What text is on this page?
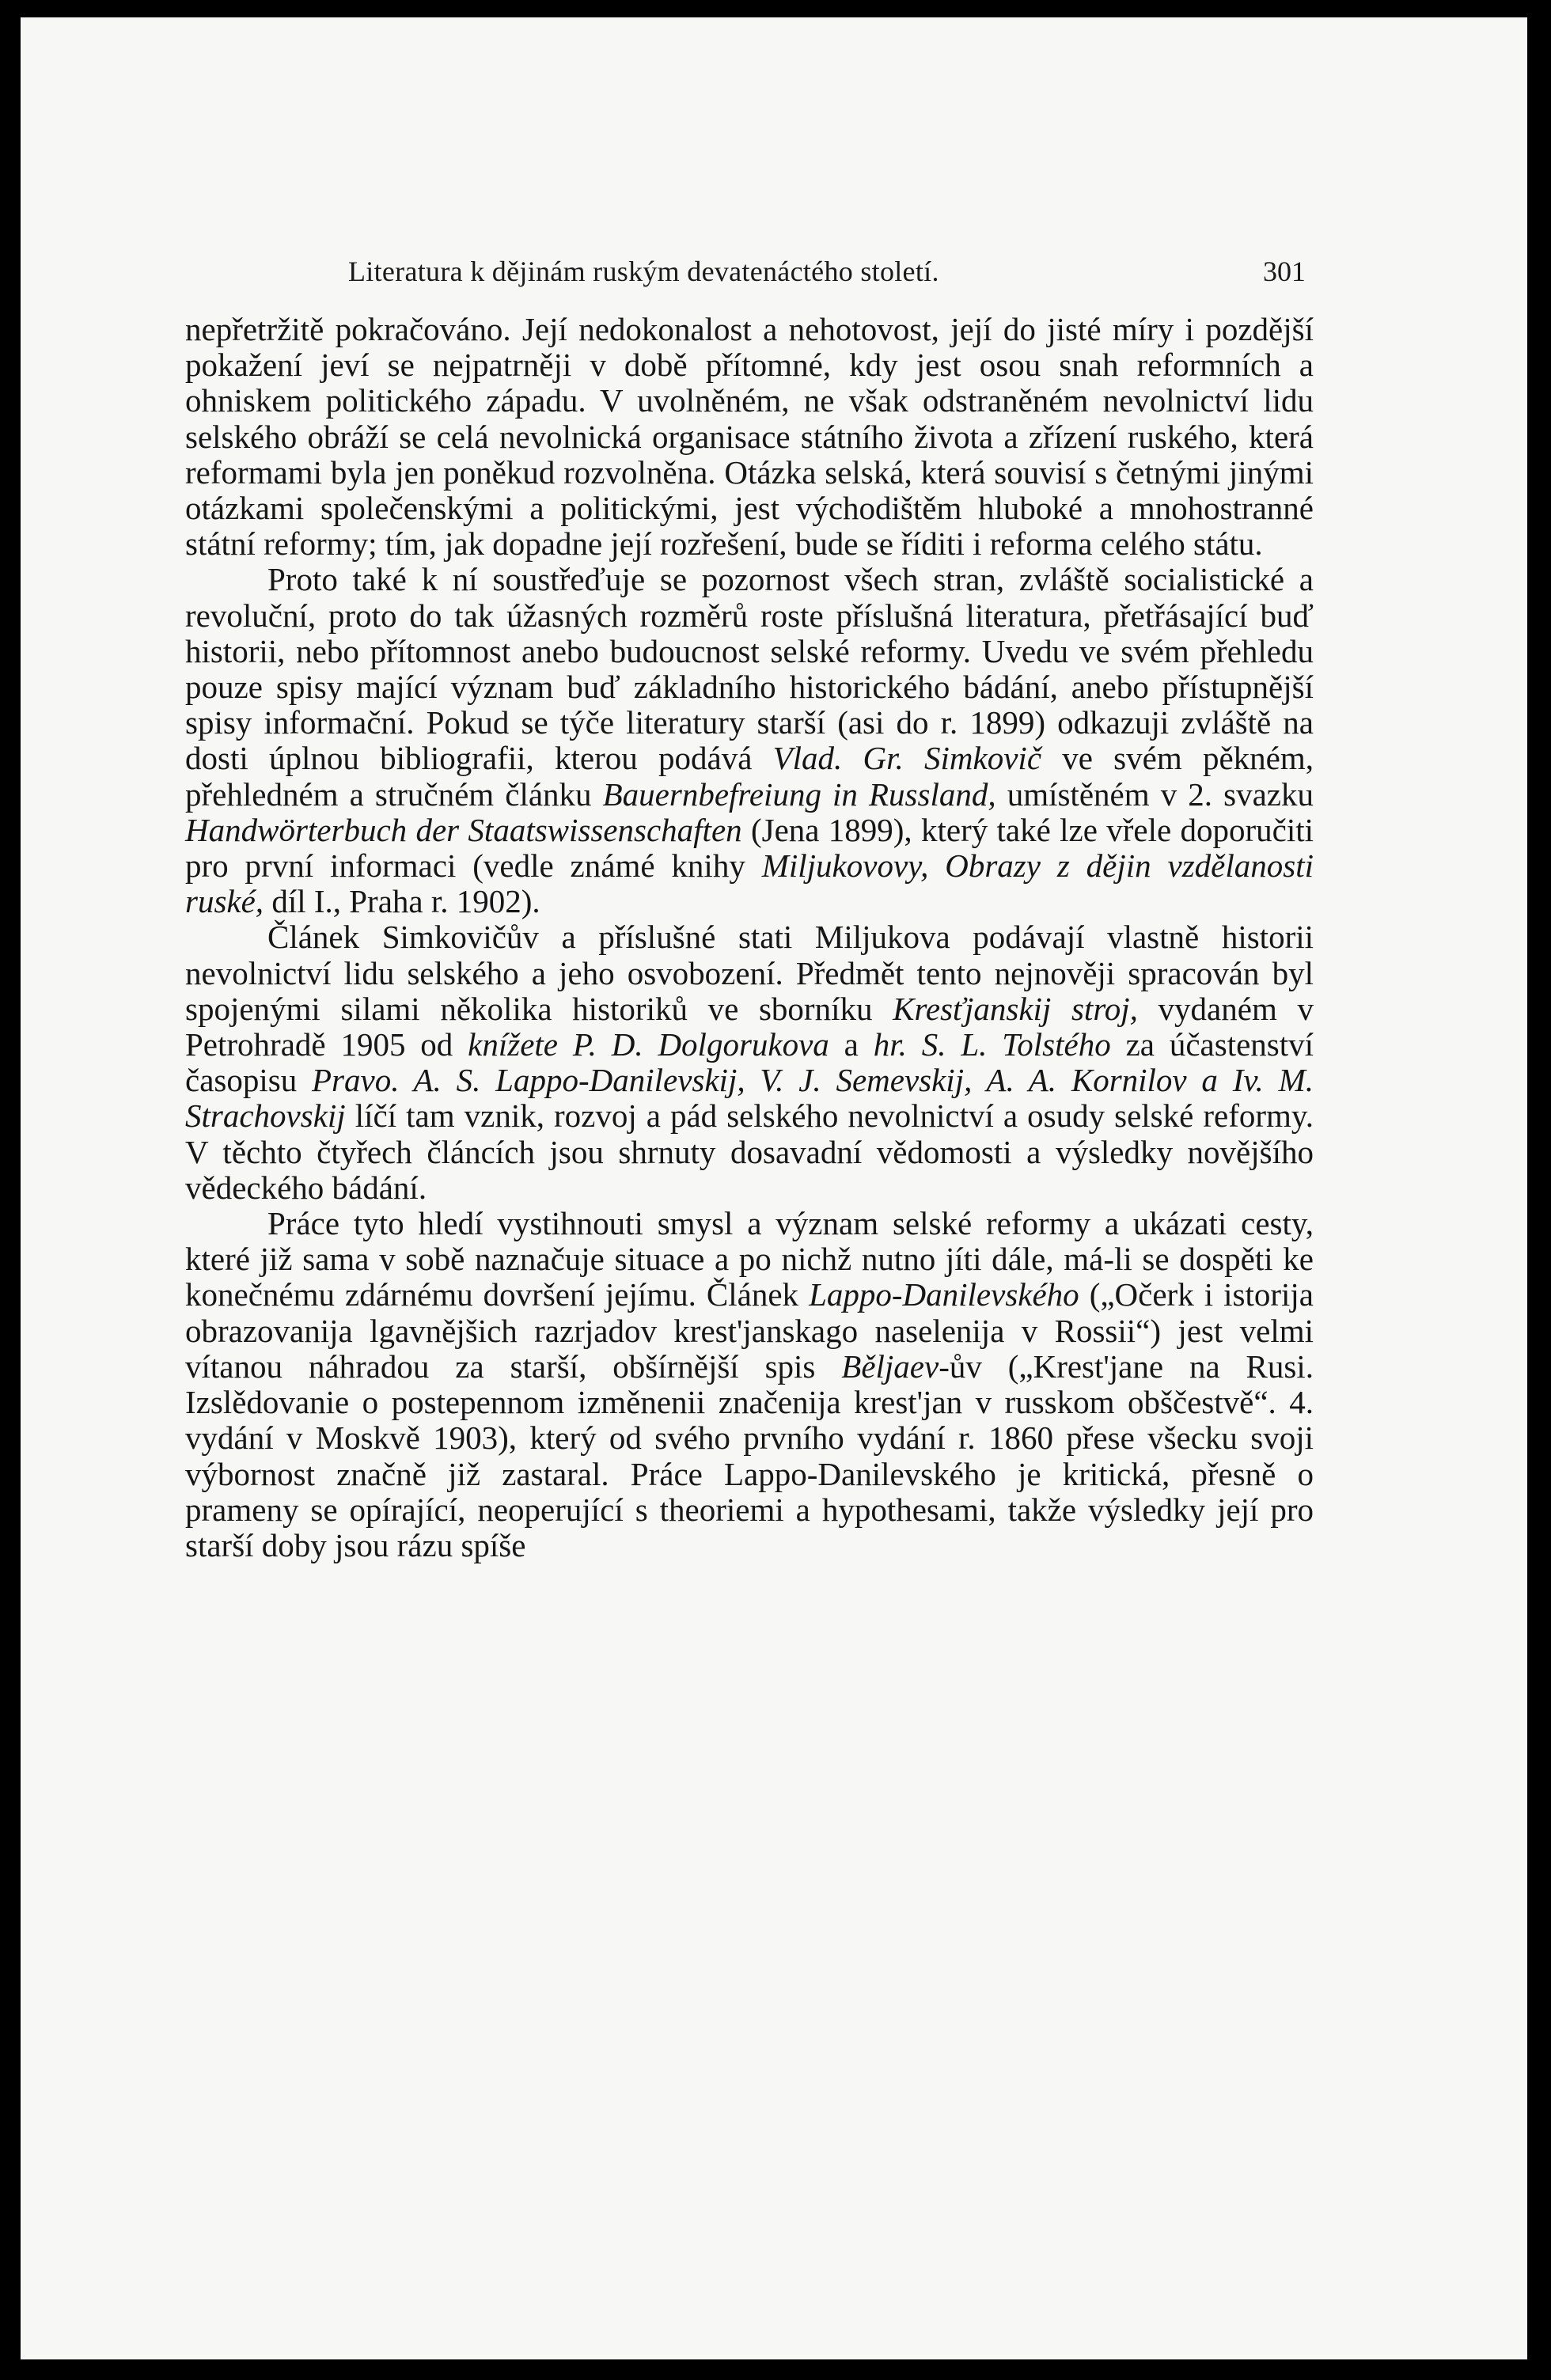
Literatura k dějinám ruským devatenáctého století.	301

nepřetržitě pokračováno. Její nedokonalost a nehotovost, její do jisté míry i pozdější pokažení jeví se nejpatrněji v době přítomné, kdy jest osou snah reformních a ohniskem politického západu. V uvolněném, ne však odstraněném nevolnictví lidu selského obráží se celá nevolnická organisace státního života a zřízení ruského, která reformami byla jen poněkud rozvolněna. Otázka selská, která souvisí s četnými jinými otázkami společenskými a politickými, jest východištěm hluboké a mnohostranné státní reformy; tím, jak dopadne její rozřešení, bude se říditi i reforma celého státu.

Proto také k ní soustřeďuje se pozornost všech stran, zvláště socialistické a revoluční, proto do tak úžasných rozměrů roste příslušná literatura, přetřásající buď historii, nebo přítomnost anebo budoucnost selské reformy. Uvedu ve svém přehledu pouze spisy mající význam buď základního historického bádání, anebo přístupnější spisy informační. Pokud se týče literatury starší (asi do r. 1899) odkazuji zvláště na dosti úplnou bibliografii, kterou podává Vlad. Gr. Simkovič ve svém pěkném, přehledném a stručném článku Bauernbefreiung in Russland, umístěném v 2. svazku Handwörterbuch der Staatswissenschaften (Jena 1899), který také lze vřele doporučiti pro první informaci (vedle známé knihy Miljukovovy, Obrazy z dějin vzdělanosti ruské, díl I., Praha r. 1902).

Článek Simkovičův a příslušné stati Miljukova podávají vlastně historii nevolnictví lidu selského a jeho osvobození. Předmět tento nejnověji spracován byl spojenými silami několika historiků ve sborníku Kresťjanskij stroj, vydaném v Petrohradě 1905 od knížete P. D. Dolgorukova a hr. S. L. Tolstého za účastenství časopisu Pravo. A. S. Lappo-Danilevskij, V. J. Semevskij, A. A. Kornilov a Iv. M. Strachovskij líčí tam vznik, rozvoj a pád selského nevolnictví a osudy selské reformy. V těchto čtyřech článcích jsou shrnuty dosavadní vědomosti a výsledky novějšího vědeckého bádání.

Práce tyto hledí vystihnouti smysl a význam selské reformy a ukázati cesty, které již sama v sobě naznačuje situace a po nichž nutno jíti dále, má-li se dospěti ke konečnému zdárnému dovršení jejímu. Článek Lappo-Danilevského („Očerk i istorija obrazovanija lgavnějšich razrjadov krest'janskago naselenija v Rossii“) jest velmi vítanou náhradou za starší, obšírnější spis Běljaev-ův („Krest'jane na Rusi. Izslědovanie o postepennom izměnenii značenija krest'jan v russkom obščestvě“. 4. vydání v Moskvě 1903), který od svého prvního vydání r. 1860 přese všecku svoji výbornost značně již zastaral. Práce Lappo-Danilevského je kritická, přesně o prameny se opírající, neoperující s theoriemi a hypothesami, takže výsledky její pro starší doby jsou rázu spíše
